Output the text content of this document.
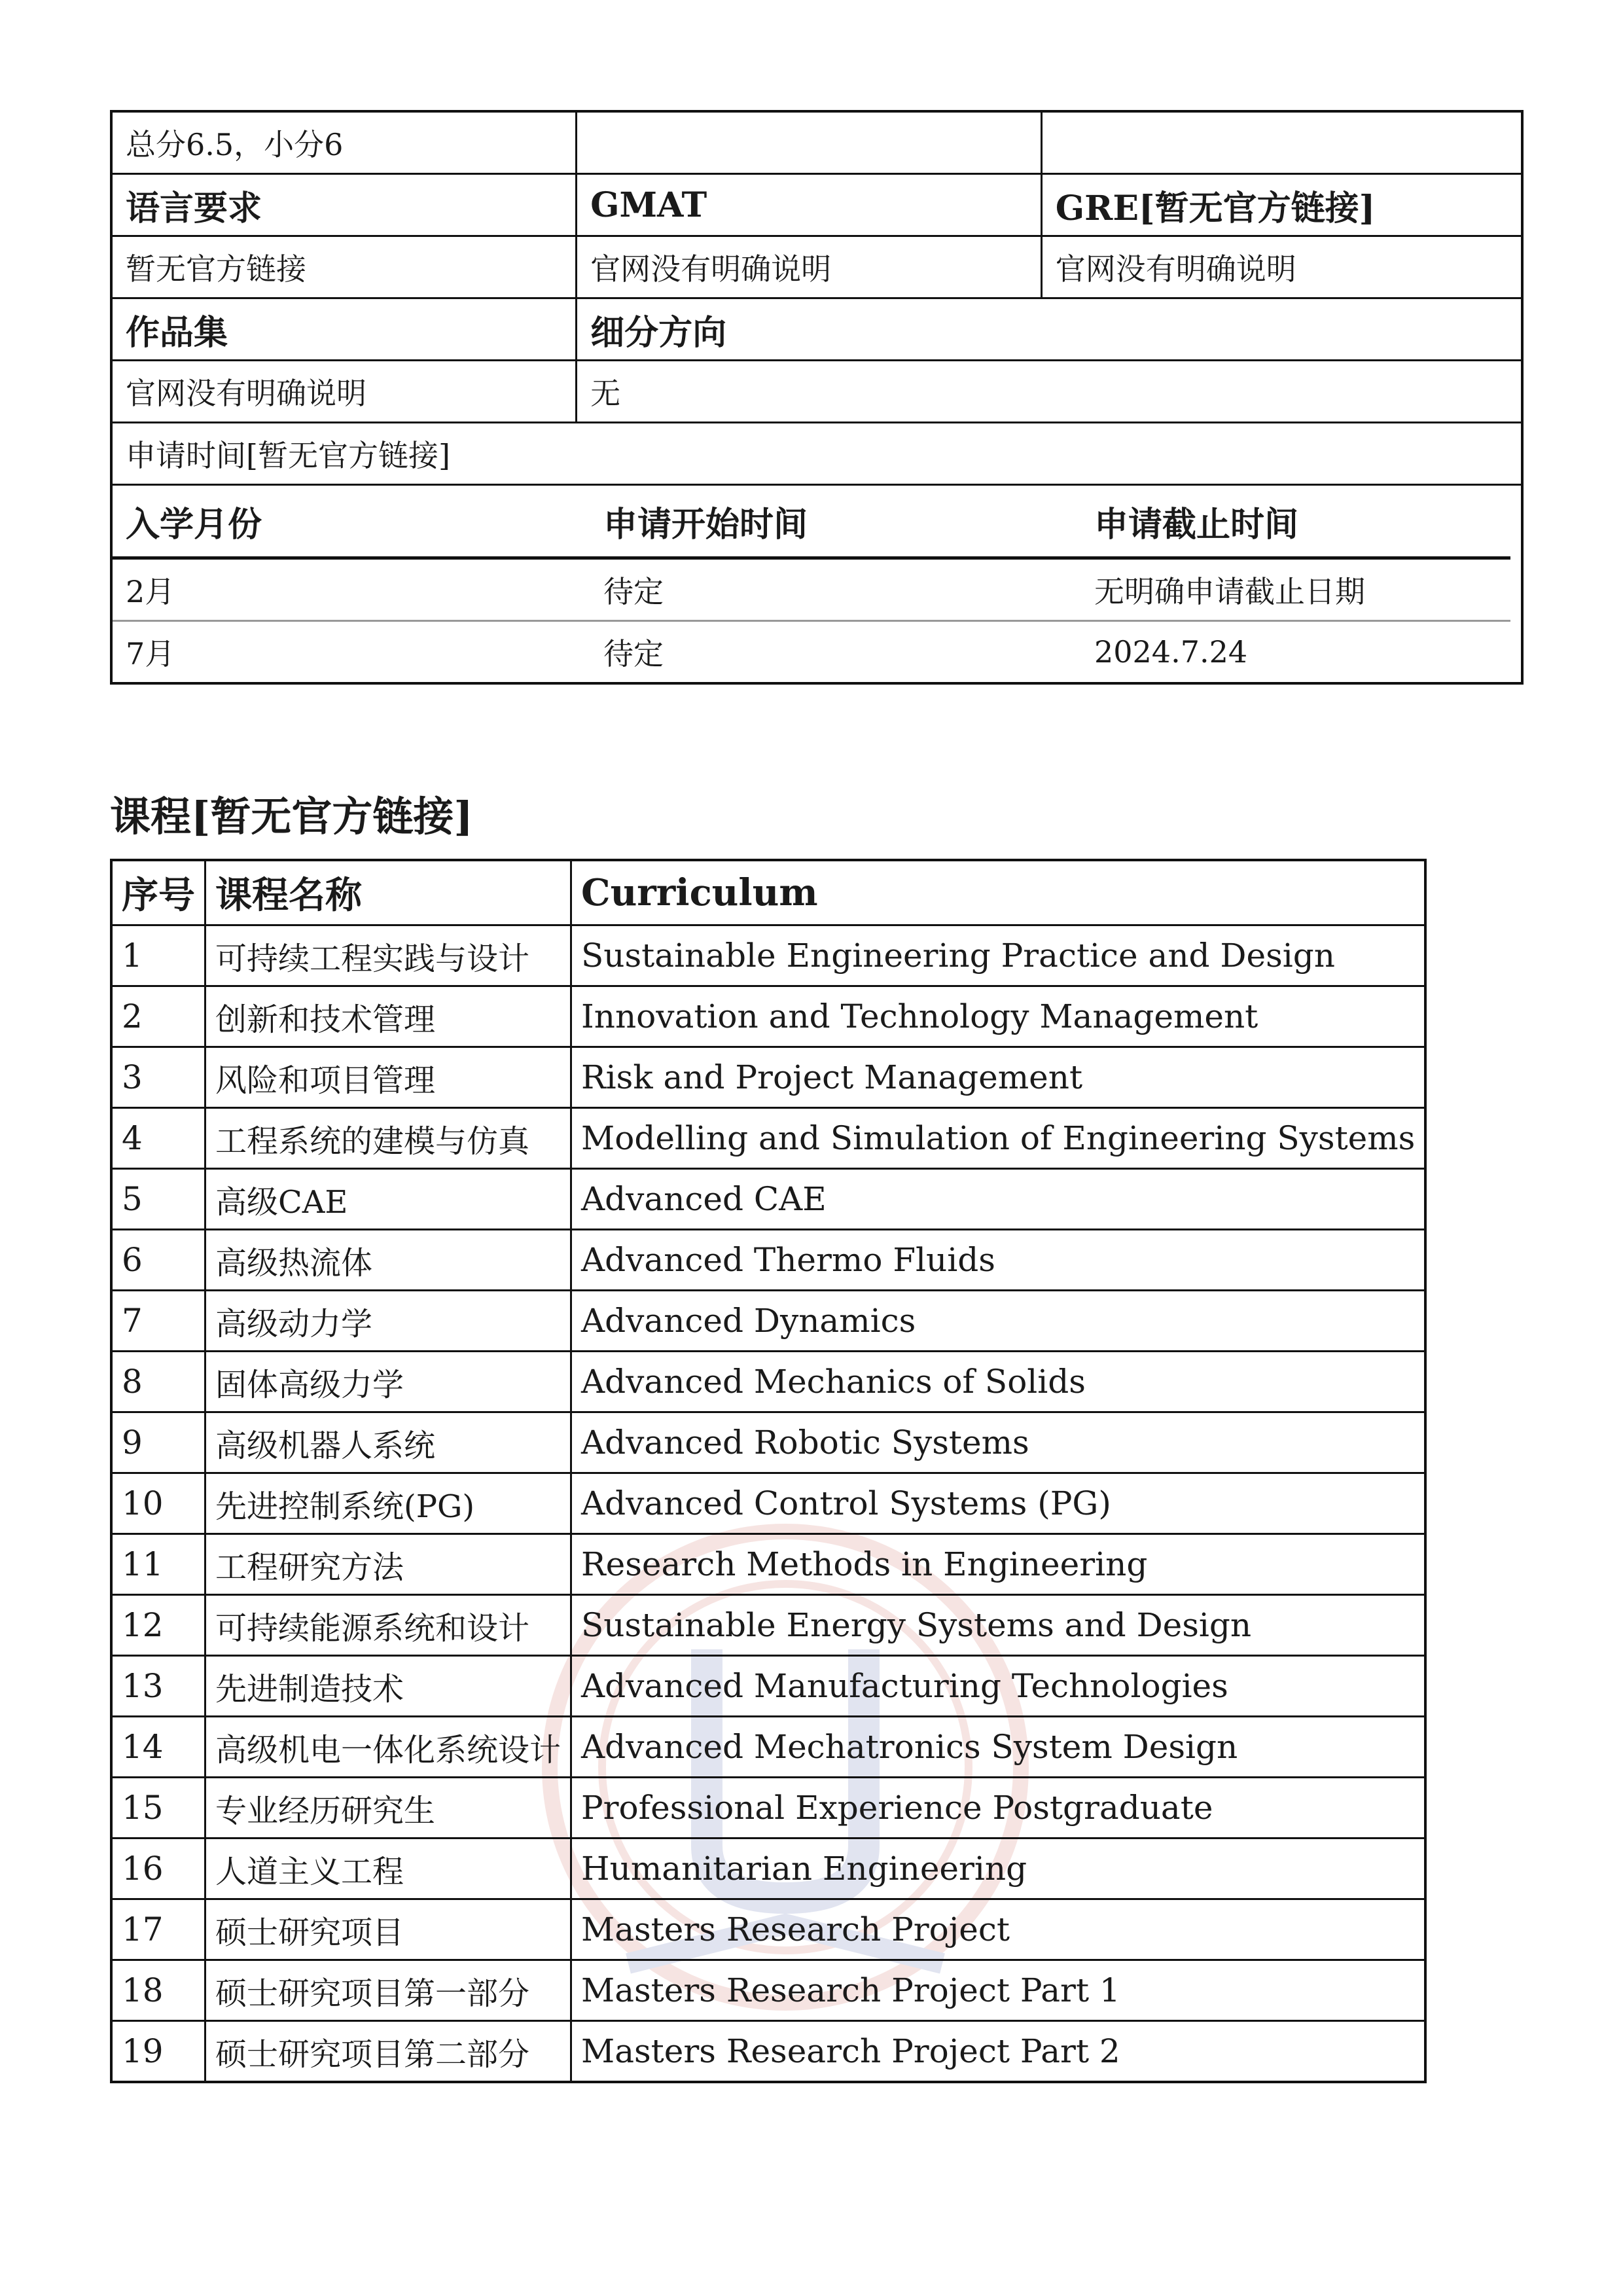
总分6.5，小分6		
语言要求	GMAT	GRE[暂无官方链接]
暂无官方链接	官网没有明确说明	官网没有明确说明
作品集	细分方向
官网没有明确说明	无
申请时间[暂无官方链接]

入学月份	申请开始时间	申请截止时间
2月	待定	无明确申请截止日期
7月	待定	2024.7.24
课程[暂无官方链接]
序号	课程名称	Curriculum
1	可持续工程实践与设计	Sustainable Engineering Practice and Design
2	创新和技术管理	Innovation and Technology Management
3	风险和项目管理	Risk and Project Management
4	工程系统的建模与仿真	Modelling and Simulation of Engineering Systems
5	高级CAE	Advanced CAE
6	高级热流体	Advanced Thermo Fluids
7	高级动力学	Advanced Dynamics
8	固体高级力学	Advanced Mechanics of Solids
9	高级机器人系统	Advanced Robotic Systems
10	先进控制系统(PG)	Advanced Control Systems (PG)
11	工程研究方法	Research Methods in Engineering
12	可持续能源系统和设计	Sustainable Energy Systems and Design
13	先进制造技术	Advanced Manufacturing Technologies
14	高级机电一体化系统设计	Advanced Mechatronics System Design
15	专业经历研究生	Professional Experience Postgraduate
16	人道主义工程	Humanitarian Engineering
17	硕士研究项目	Masters Research Project
18	硕士研究项目第一部分	Masters Research Project Part 1
19	硕士研究项目第二部分	Masters Research Project Part 2
